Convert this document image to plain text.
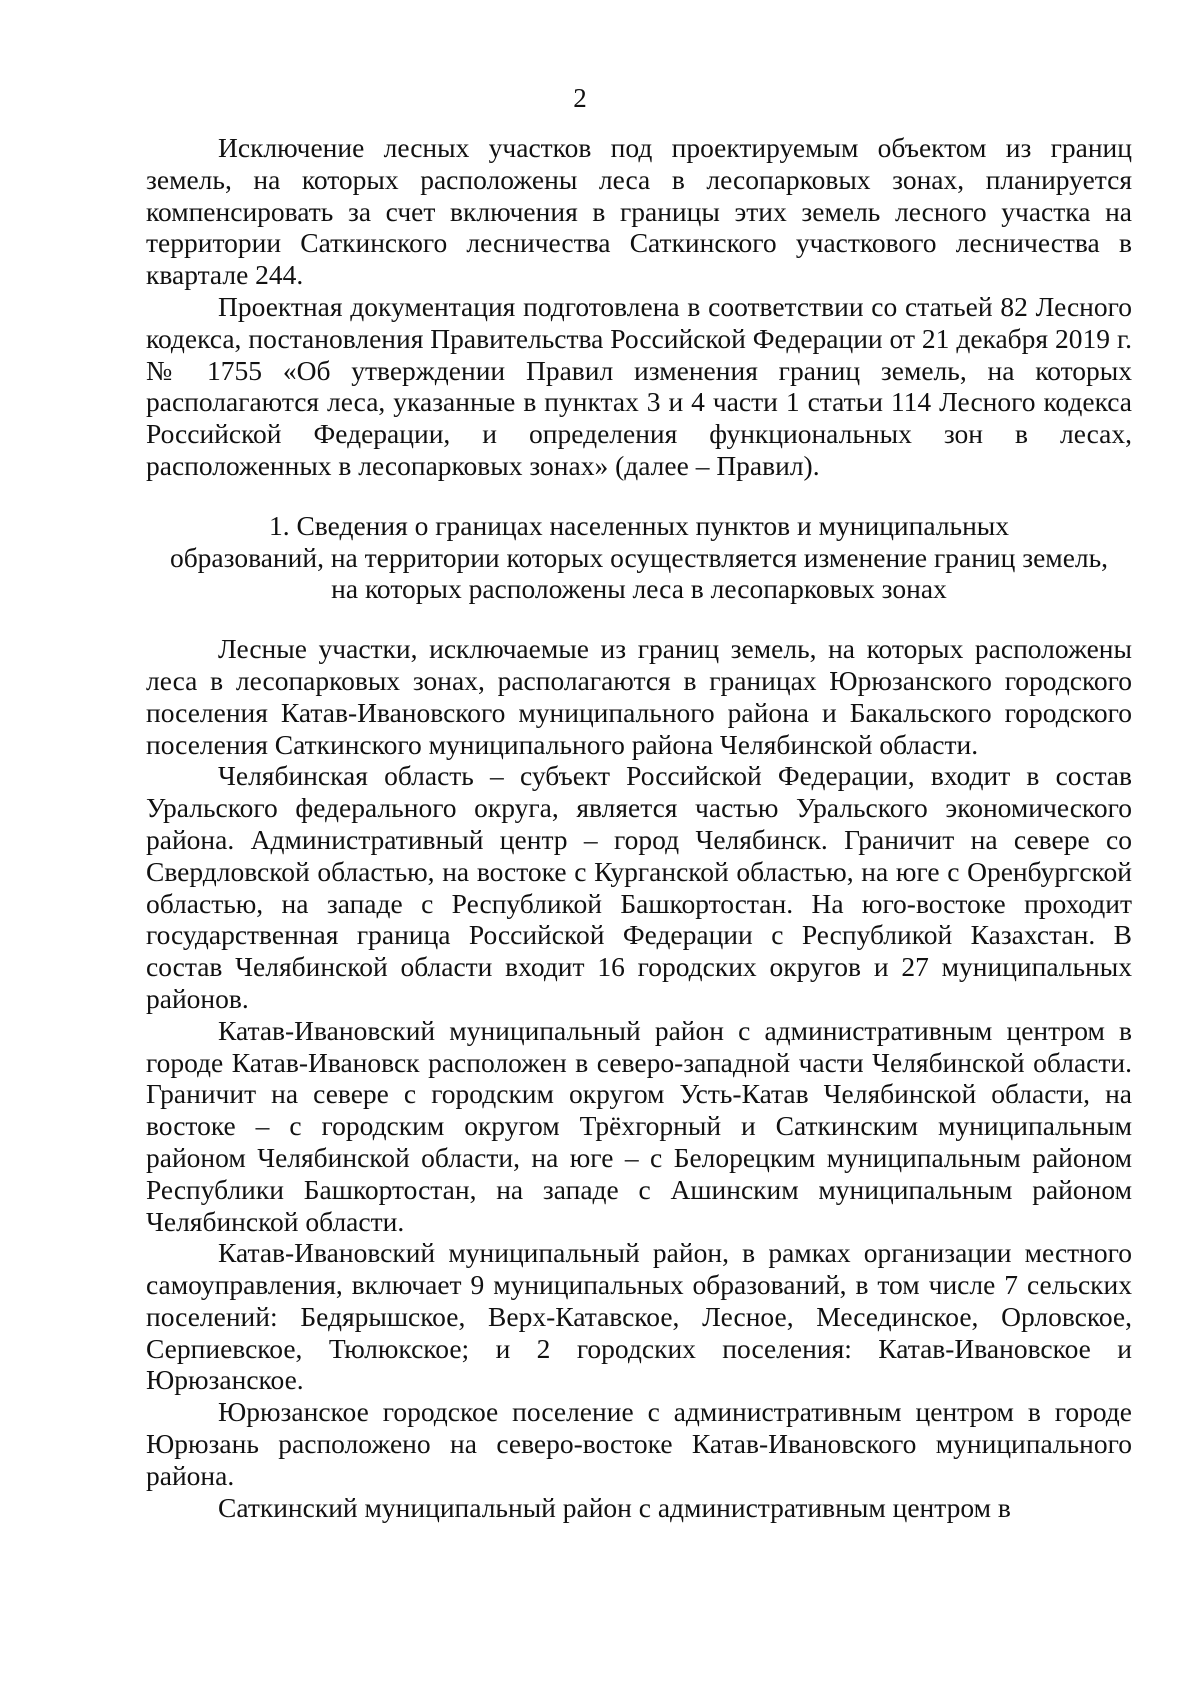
2

Исключение лесных участков под проектируемым объектом из границ земель, на которых расположены леса в лесопарковых зонах, планируется компенсировать за счет включения в границы этих земель лесного участка на территории Саткинского лесничества Саткинского участкового лесничества в квартале 244.

Проектная документация подготовлена в соответствии со статьей 82 Лесного кодекса, постановления Правительства Российской Федерации от 21 декабря 2019 г. № 1755 «Об утверждении Правил изменения границ земель, на которых располагаются леса, указанные в пунктах 3 и 4 части 1 статьи 114 Лесного кодекса Российской Федерации, и определения функциональных зон в лесах, расположенных в лесопарковых зонах» (далее – Правил).

1. Сведения о границах населенных пунктов и муниципальных
образований, на территории которых осуществляется изменение границ земель,
на которых расположены леса в лесопарковых зонах

Лесные участки, исключаемые из границ земель, на которых расположены леса в лесопарковых зонах, располагаются в границах Юрюзанского городского поселения Катав-Ивановского муниципального района и Бакальского городского поселения Саткинского муниципального района Челябинской области.

Челябинская область – субъект Российской Федерации, входит в состав Уральского федерального округа, является частью Уральского экономического района. Административный центр – город Челябинск. Граничит на севере со Свердловской областью, на востоке с Курганской областью, на юге с Оренбургской областью, на западе с Республикой Башкортостан. На юго-востоке проходит государственная граница Российской Федерации с Республикой Казахстан. В состав Челябинской области входит 16 городских округов и 27 муниципальных районов.

Катав-Ивановский муниципальный район с административным центром в городе Катав-Ивановск расположен в северо-западной части Челябинской области. Граничит на севере с городским округом Усть-Катав Челябинской области, на востоке – с городским округом Трёхгорный и Саткинским муниципальным районом Челябинской области, на юге – с Белорецким муниципальным районом Республики Башкортостан, на западе с Ашинским муниципальным районом Челябинской области.

Катав-Ивановский муниципальный район, в рамках организации местного самоуправления, включает 9 муниципальных образований, в том числе 7 сельских поселений: Бедярышское, Верх-Катавское, Лесное, Месединское, Орловское, Серпиевское, Тюлюкское; и 2 городских поселения: Катав-Ивановское и Юрюзанское.

Юрюзанское городское поселение с административным центром в городе Юрюзань расположено на северо-востоке Катав-Ивановского муниципального района.

Саткинский муниципальный район с административным центром в
